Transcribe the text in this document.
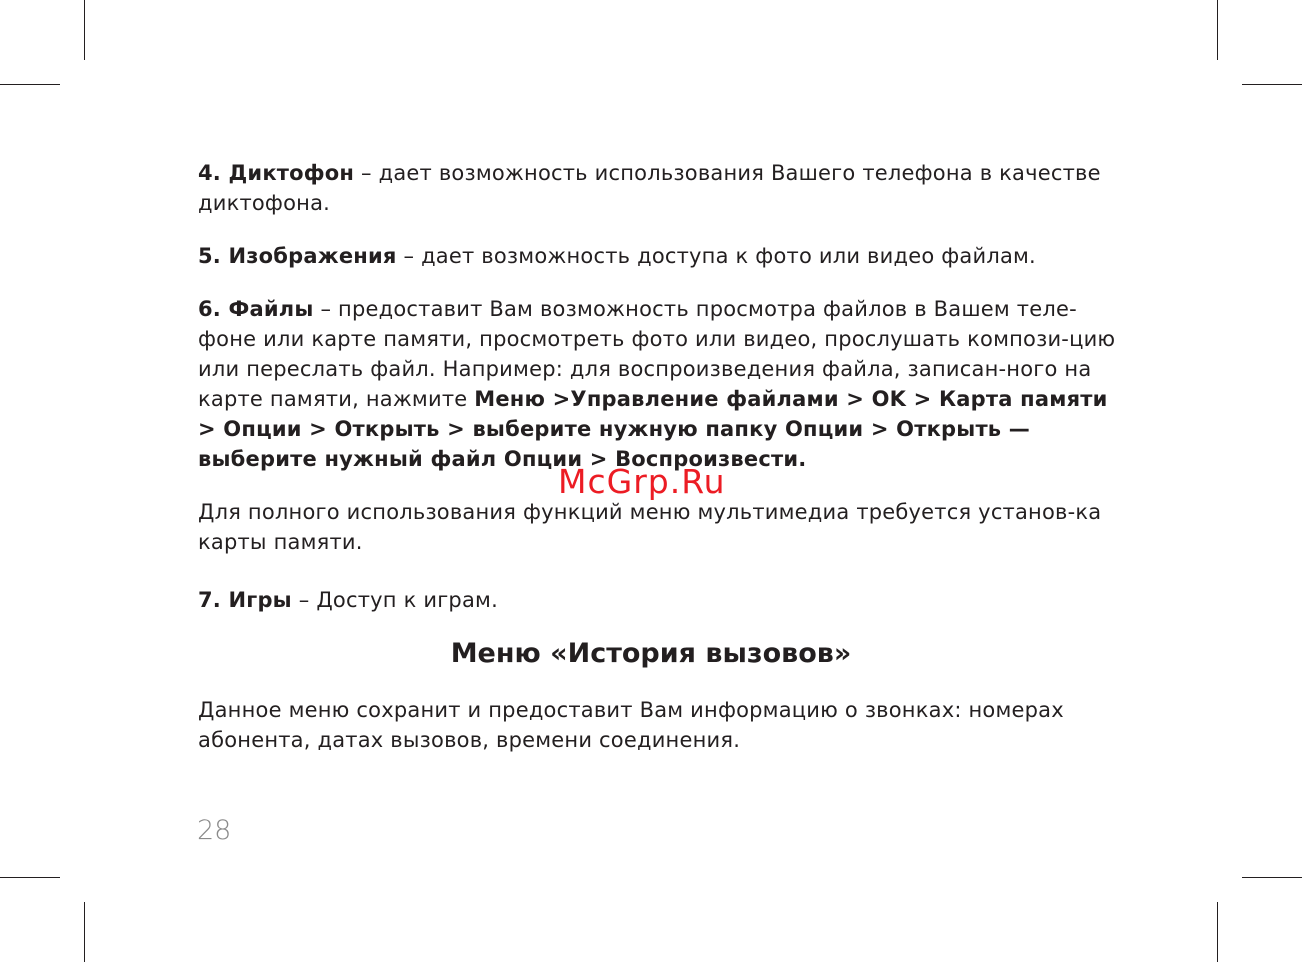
4. Диктофон – дает возможность использования Вашего телефона в качестве диктофона.

5. Изображения – дает возможность доступа к фото или видео файлам.

6. Файлы – предоставит Вам возможность просмотра файлов в Вашем теле-фоне или карте памяти, просмотреть фото или видео, прослушать компози-цию или переслать файл. Например: для воспроизведения файла, записан-ного на карте памяти, нажмите Меню >Управление файлами > OK > Карта памяти > Опции > Открыть > выберите нужную папку Опции > Открыть — выберите нужный файл Опции > Воспроизвести.

Для полного использования функций меню мультимедиа требуется установ-ка карты памяти.

7. Игры – Доступ к играм.

Меню «История вызовов»

Данное меню сохранит и предоставит Вам информацию о звонках: номерах абонента, датах вызовов, времени соединения.

McGrp.Ru
28
